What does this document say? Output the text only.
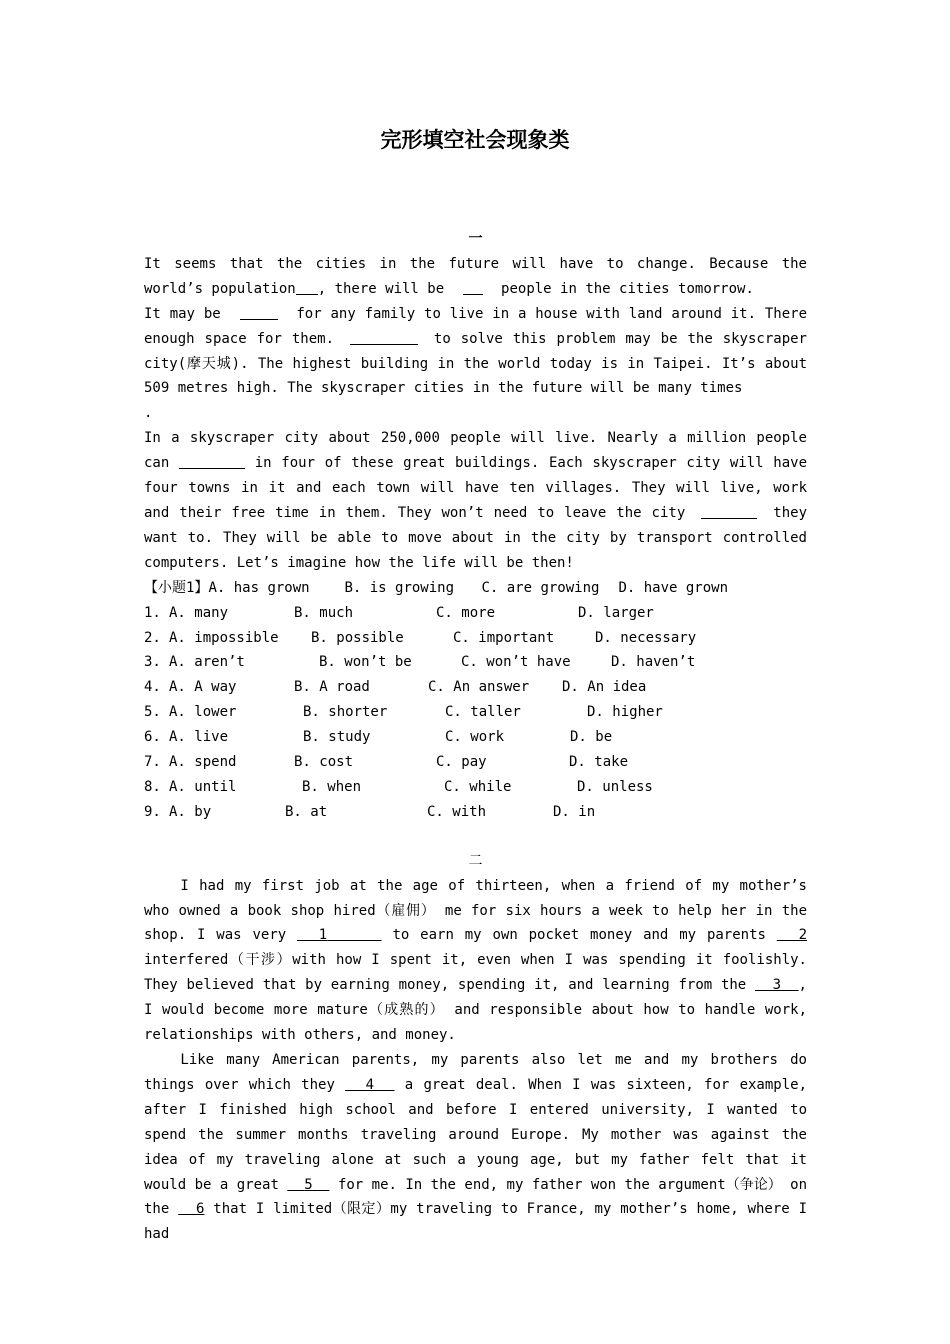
完形填空社会现象类
一

It seems that the cities in the future will have to change. Because the world’s population , there will be	people in the cities tomorrow.

It may be	for any family to live in a house with land around it. There enough space for them.	to solve this problem may be the skyscraper city(摩天城). The highest building in the world today is in Taipei. It’s about 509 metres high. The skyscraper cities in the future will be many times

.

In a skyscraper city about 250,000 people will live. Nearly a million people can	in four of these great buildings. Each skyscraper city will have four towns in it and each town will have ten villages. They will live, work and their free time in them. They won’t need to leave the city	they want to. They will be able to move about in the city by transport controlled computers. Let’s imagine how the life will be then!

【小题1】 A. has grown	B. is growing	C. are growing	D. have grown
1. A. many	B. much	C. more	D. larger
2. A. impossible	B. possible	C. important	D. necessary
3. A. aren’t	B. won’t be	C. won’t have	D. haven’t
4. A. A way	B. A road	C. An answer	D. An idea
5. A. lower	B. shorter	C. taller	D. higher
6. A. live	B. study	C. work	D. be
7. A. spend	B. cost	C. pay	D. take
8. A. until	B. when	C. while	D. unless
9. A. by	B. at	C. with	D. in
二

I had my first job at the age of thirteen, when a friend of my mother’s who owned a book shop hired（雇佣） me for six hours a week to help her in the shop. I was very 1	to earn my own pocket money and my parents 2 interfered（干涉）with how I spent it, even when I was spending it foolishly. They believed that by earning money, spending it, and learning from the 3 , I would become more mature（成熟的） and responsible about how to handle work, relationships with others, and money.

Like many American parents, my parents also let me and my brothers do things over which they 4 a great deal. When I was sixteen, for example, after I finished high school and before I entered university, I wanted to spend the summer months traveling around Europe. My mother was against the idea of my traveling alone at such a young age, but my father felt that it would be a great 5 for me. In the end, my father won the argument（争论） on the 6 that I limited（限定）my traveling to France, my mother’s home, where I had
